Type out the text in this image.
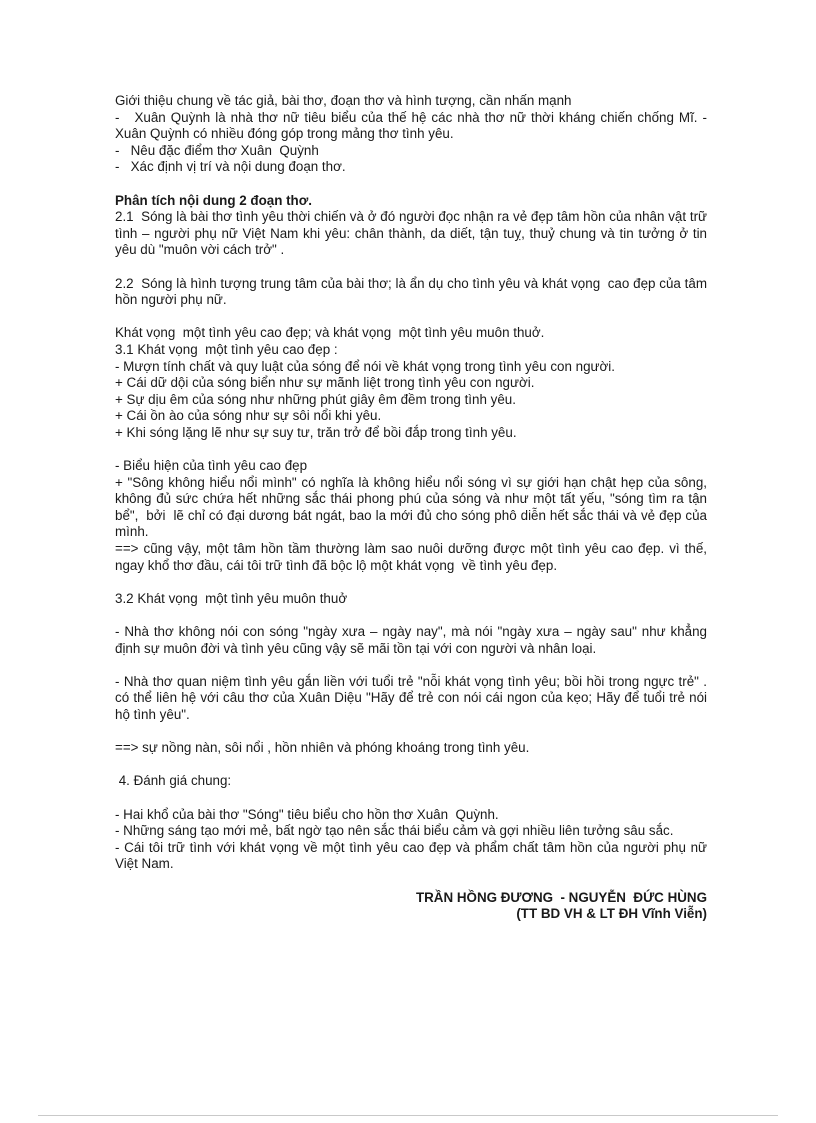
Giới thiệu chung về tác giả, bài thơ, đoạn thơ và hình tượng, cần nhấn mạnh
-   Xuân Quỳnh là nhà thơ nữ tiêu biểu của thế hệ các nhà thơ nữ thời kháng chiến chống Mĩ. - Xuân Quỳnh có nhiều đóng góp trong mảng thơ tình yêu.
-   Nêu đặc điểm thơ Xuân  Quỳnh
-   Xác định vị trí và nội dung đoạn thơ.
Phân tích nội dung 2 đoạn thơ.
2.1  Sóng là bài thơ tình yêu thời chiến và ở đó người đọc nhận ra vẻ đẹp tâm hồn của nhân vật trữ tình – người phụ nữ Việt Nam khi yêu: chân thành, da diết, tận tuỵ, thuỷ chung và tin tưởng ở tin yêu dù "muôn vời cách trở" .
2.2  Sóng là hình tượng trung tâm của bài thơ; là ẩn dụ cho tình yêu và khát vọng  cao đẹp của tâm hồn người phụ nữ.
Khát vọng  một tình yêu cao đẹp; và khát vọng  một tình yêu muôn thuở.
3.1 Khát vọng  một tình yêu cao đẹp :
- Mượn tính chất và quy luật của sóng để nói về khát vọng trong tình yêu con người.
+ Cái dữ dội của sóng biển như sự mãnh liệt trong tình yêu con người.
+ Sự dịu êm của sóng như những phút giây êm đềm trong tình yêu.
+ Cái ồn ào của sóng như sự sôi nổi khi yêu.
+ Khi sóng lặng lẽ như sự suy tư, trăn trở để bồi đắp trong tình yêu.
- Biểu hiện của tình yêu cao đẹp
+ "Sông không hiểu nổi mình" có nghĩa là không hiểu nổi sóng vì sự giới hạn chật hẹp của sông, không đủ sức chứa hết những sắc thái phong phú của sóng và như một tất yếu, "sóng tìm ra tận bể",  bởi  lẽ chỉ có đại dương bát ngát, bao la mới đủ cho sóng phô diễn hết sắc thái và vẻ đẹp của mình.
==> cũng vậy, một tâm hồn tầm thường làm sao nuôi dưỡng được một tình yêu cao đẹp. vì thế, ngay khổ thơ đầu, cái tôi trữ tình đã bộc lộ một khát vọng  về tình yêu đẹp.
3.2 Khát vọng  một tình yêu muôn thuở
- Nhà thơ không nói con sóng "ngày xưa – ngày nay", mà nói "ngày xưa – ngày sau" như khẳng định sự muôn đời và tình yêu cũng vậy sẽ mãi tồn tại với con người và nhân loại.
- Nhà thơ quan niệm tình yêu gắn liền với tuổi trẻ "nỗi khát vọng tình yêu; bồi hồi trong ngực trẻ" . có thể liên hệ với câu thơ của Xuân Diệu "Hãy để trẻ con nói cái ngon của kẹo; Hãy để tuổi trẻ nói hộ tình yêu".
==> sự nồng nàn, sôi nổi , hồn nhiên và phóng khoáng trong tình yêu.
4. Đánh giá chung:
- Hai khổ của bài thơ "Sóng" tiêu biểu cho hồn thơ Xuân  Quỳnh.
- Những sáng tạo mới mẻ, bất ngờ tạo nên sắc thái biểu cảm và gợi nhiều liên tưởng sâu sắc.
- Cái tôi trữ tình với khát vọng về một tình yêu cao đẹp và phẩm chất tâm hồn của người phụ nữ Việt Nam.
TRẦN HỒNG ĐƯƠNG  - NGUYỄN  ĐỨC HÙNG
(TT BD VH & LT ĐH Vĩnh Viễn)
